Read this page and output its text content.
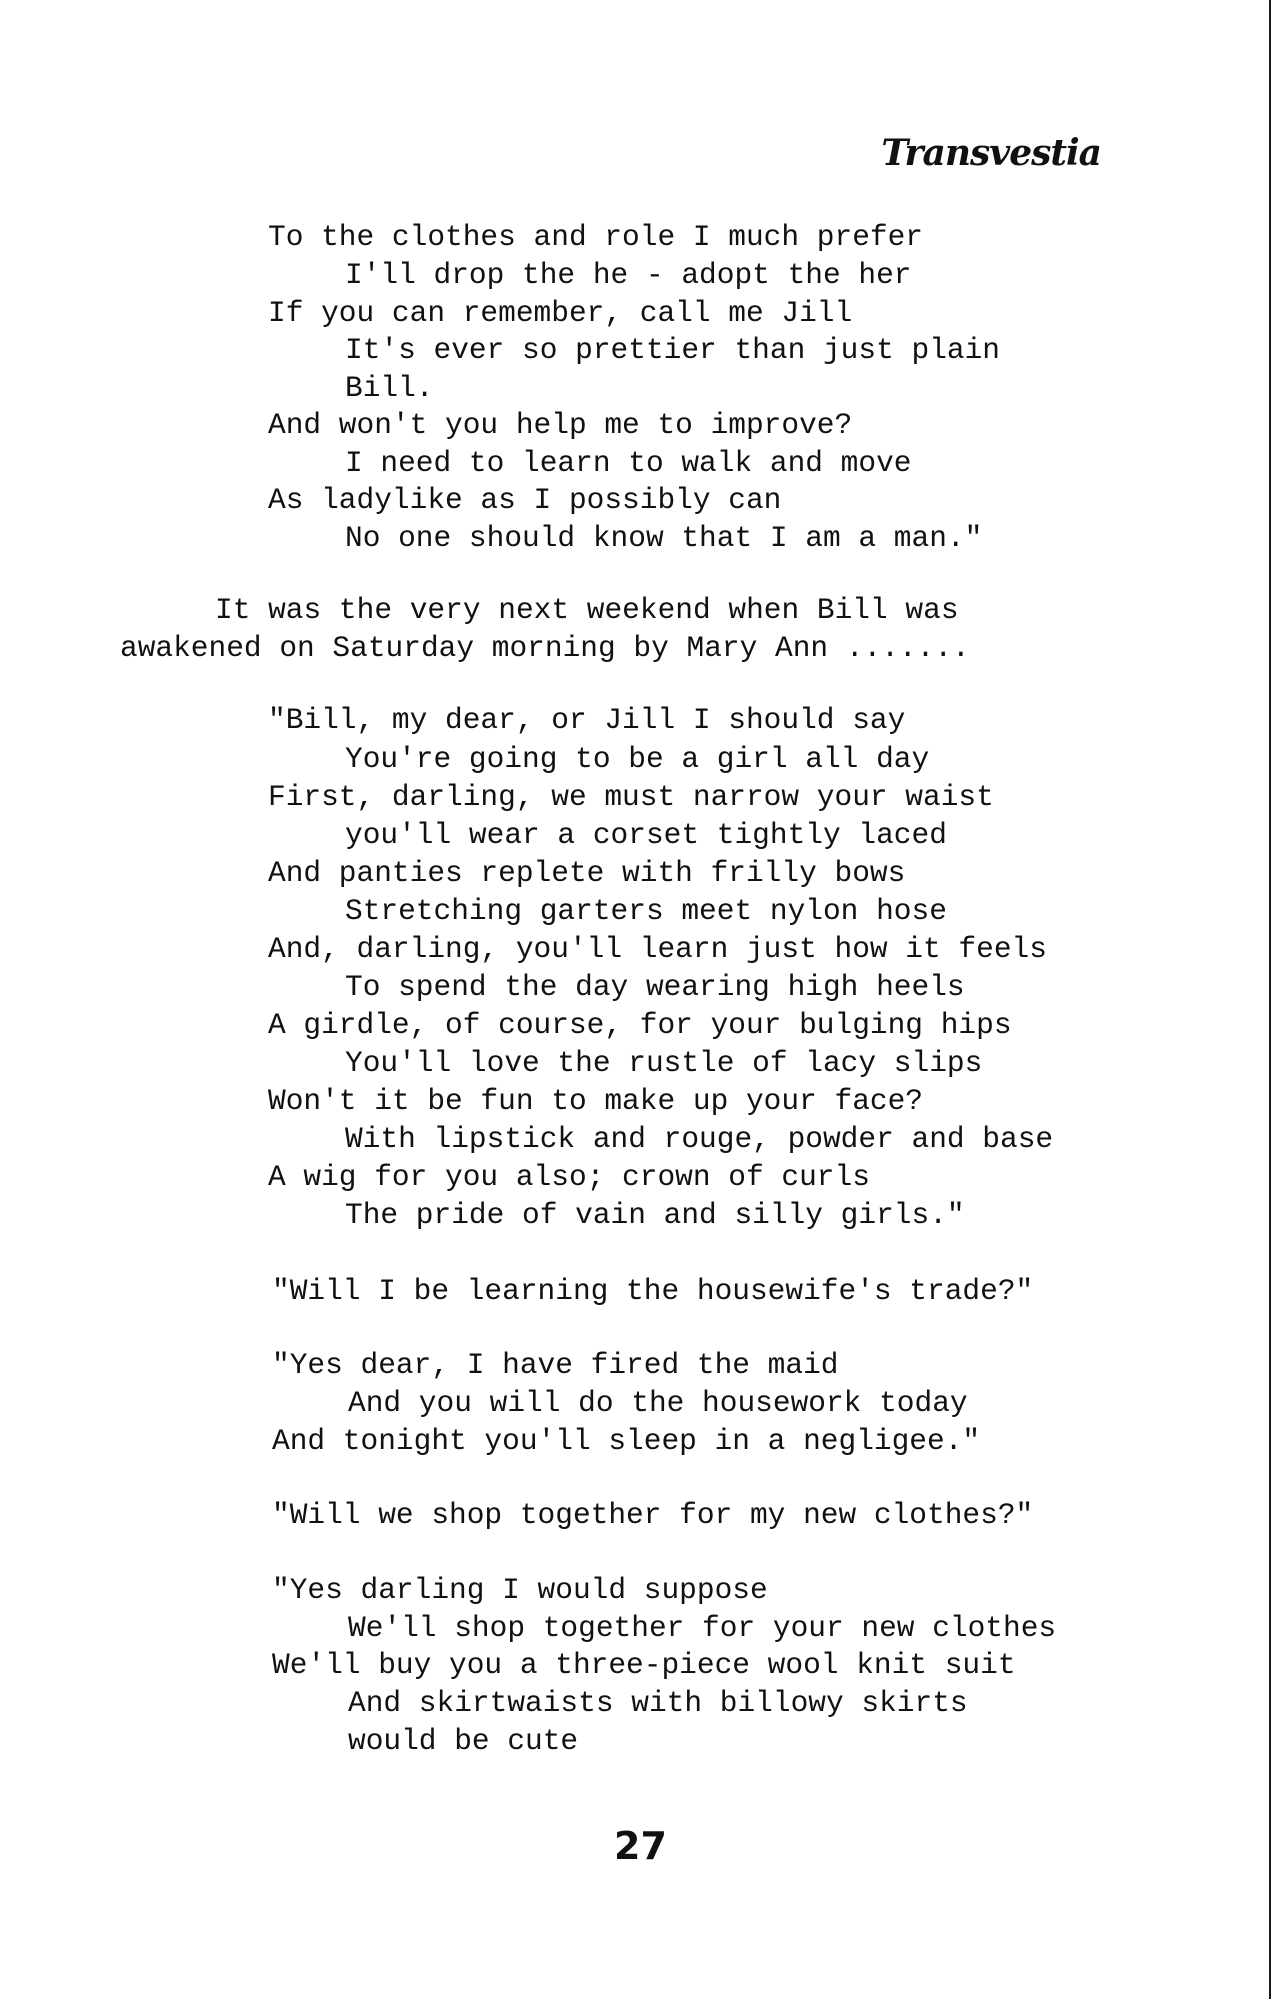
Transvestia
To the clothes and role I much prefer
I'll drop the he - adopt the her
If you can remember, call me Jill
It's ever so prettier than just plain
Bill.
And won't you help me to improve?
I need to learn to walk and move
As ladylike as I possibly can
No one should know that I am a man."
It was the very next weekend when Bill was
awakened on Saturday morning by Mary Ann .......
"Bill, my dear, or Jill I should say
You're going to be a girl all day
First, darling, we must narrow your waist
you'll wear a corset tightly laced
And panties replete with frilly bows
Stretching garters meet nylon hose
And, darling, you'll learn just how it feels
To spend the day wearing high heels
A girdle, of course, for your bulging hips
You'll love the rustle of lacy slips
Won't it be fun to make up your face?
With lipstick and rouge, powder and base
A wig for you also; crown of curls
The pride of vain and silly girls."
"Will I be learning the housewife's trade?"
"Yes dear, I have fired the maid
And you will do the housework today
And tonight you'll sleep in a negligee."
"Will we shop together for my new clothes?"
"Yes darling I would suppose
We'll shop together for your new clothes
We'll buy you a three-piece wool knit suit
And skirtwaists with billowy skirts
would be cute
27
